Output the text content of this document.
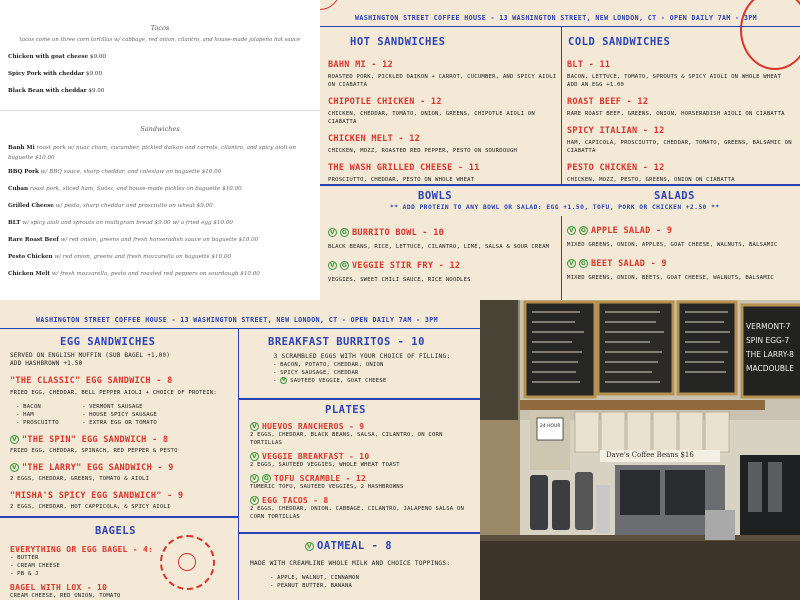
Tacos
tacos come on three corn tortillas w/ cabbage, red onion, cilantro, and house-made jalapeño hot sauce
Chicken with goat cheese $9.00
Spicy Pork with cheddar $9.00
Black Bean with cheddar $9.00
Sandwiches
Banh Mi roast pork w/ nuac cham, cucumber, pickled daikon and carrots, cilantro, and spicy aioli on baguette $10.00
BBQ Pork w/ BBQ sauce, sharp cheddar, and coleslaw on baguette $10.00
Cuban roast pork, sliced ham, Swiss, and house-made pickles on baguette $10.00
Grilled Cheese w/ pesto, sharp cheddar and prosciutto on wheat $9.00
BLT w/ spicy aioli and sprouts on multigrain bread $9.00 w/ a fried egg $10.00
Rare Roast Beef w/ red onion, greens and fresh horseradish sauce on baguette $10.00
Pesto Chicken w/ red onion, greens and fresh mozzarella on baguette $10.00
Chicken Melt w/ fresh mozzarella, pesto and roasted red peppers on sourdough $10.00
WASHINGTON STREET COFFEE HOUSE - 13 WASHINGTON STREET, NEW LONDON, CT - OPEN DAILY 7AM - 3PM
HOT SANDWICHES
BAHN MI - 12
ROASTED PORK, PICKLED DAIKON + CARROT, CUCUMBER, AND SPICY AIOLI ON CIABATTA
CHIPOTLE CHICKEN - 12
CHICKEN, CHEDDAR, TOMATO, ONION, GREENS, CHIPOTLE AIOLI ON CIABATTA
CHICKEN MELT - 12
CHICKEN, MOZZ, ROASTED RED PEPPER, PESTO ON SOURDOUGH
THE WASH GRILLED CHEESE - 11
PROSCIUTTO, CHEDDAR, PESTO ON WHOLE WHEAT
COLD SANDWICHES
BLT - 11
BACON, LETTUCE, TOMATO, SPROUTS & SPICY AIOLI ON WHOLE WHEAT ADD AN EGG +1.00
ROAST BEEF - 12
RARE ROAST BEEF, GREENS, ONION, HORSERADISH AIOLI ON CIABATTA
SPICY ITALIAN - 12
HAM, CAPICOLA, PROSCIUTTO, CHEDDAR, TOMATO, GREENS, BALSAMIC ON CIABATTA
PESTO CHICKEN - 12
CHICKEN, MOZZ, PESTO, GREENS, ONION ON CIABATTA
BOWLS	SALADS
** ADD PROTEIN TO ANY BOWL OR SALAD: EGG +1.50, TOFU, PORK OR CHICKEN +2.50 **
V G BURRITO BOWL - 10
BLACK BEANS, RICE, LETTUCE, CILANTRO, LIME, SALSA & SOUR CREAM
V G VEGGIE STIR FRY - 12
VEGGIES, SWEET CHILI SAUCE, RICE NOODLES
V G APPLE SALAD - 9
MIXED GREENS, ONION, APPLES, GOAT CHEESE, WALNUTS, BALSAMIC
V G BEET SALAD - 9
MIXED GREENS, ONION, BEETS, GOAT CHEESE, WALNUTS, BALSAMIC
WASHINGTON STREET COFFEE HOUSE - 13 WASHINGTON STREET, NEW LONDON, CT - OPEN DAILY 7AM - 3PM
EGG SANDWICHES
SERVED ON ENGLISH MUFFIN (SUB BAGEL +1.00)
ADD HASHBROWN +1.50
"THE CLASSIC" EGG SANDWICH - 8
FRIED EGG, CHEDDAR, BELL PEPPER AIOLI + CHOICE OF PROTEIN:
- BACON
- HAM
- PROSCUITTO
- VERMONT SAUSAGE
- HOUSE SPICY SAUSAGE
- EXTRA EGG OR TOMATO
V "THE SPIN" EGG SANDWICH - 8
FRIED EGG, CHEDDAR, SPINACH, RED PEPPER & PESTO
V "THE LARRY" EGG SANDWICH - 9
2 EGGS, CHEDDAR, GREENS, TOMATO & AIOLI
"MISHA'S SPICY EGG SANDWICH" - 9
2 EGGS, CHEDDAR, HOT CAPPICOLA, & SPICY AIOLI
BAGELS
EVERYTHING OR EGG BAGEL - 4:
- BUTTER
- CREAM CHEESE
- PB & J
BAGEL WITH LOX - 10
CREAM CHEESE, RED ONION, TOMATO
BREAKFAST BURRITOS - 10
3 SCRAMBLED EGGS WITH YOUR CHOICE OF FILLING:
- BACON, POTATO, CHEDDAR, ONION
- SPICY SAUSAGE, CHEDDAR
- V SAUTEED VEGGIE, GOAT CHEESE
PLATES
V HUEVOS RANCHEROS - 9
2 EGGS, CHEDDAR, BLACK BEANS, SALSA, CILANTRO, ON CORN TORTILLAS
V VEGGIE BREAKFAST - 10
2 EGGS, SAUTEED VEGGIES, WHOLE WHEAT TOAST
V G TOFU SCRAMBLE - 12
TUMERIC TOFU, SAUTEED VEGGIES, 2 HASHBROWNS
V EGG TACOS - 8
2 EGGS, CHEDDAR, ONION, CABBAGE, CILANTRO, JALAPENO SALSA ON CORN TORTILLAS
V OATMEAL - 8
MADE WITH CREAMLINE WHOLE MILK AND CHOICE TOPPINGS:
- APPLE, WALNUT, CINNAMON
- PEANUT BUTTER, BANANA
Dave's Coffee Beans $16
24 HOUR
VERMONT-7
SPIN EGG-7
THE LARRY-8
MACDOUBLE
